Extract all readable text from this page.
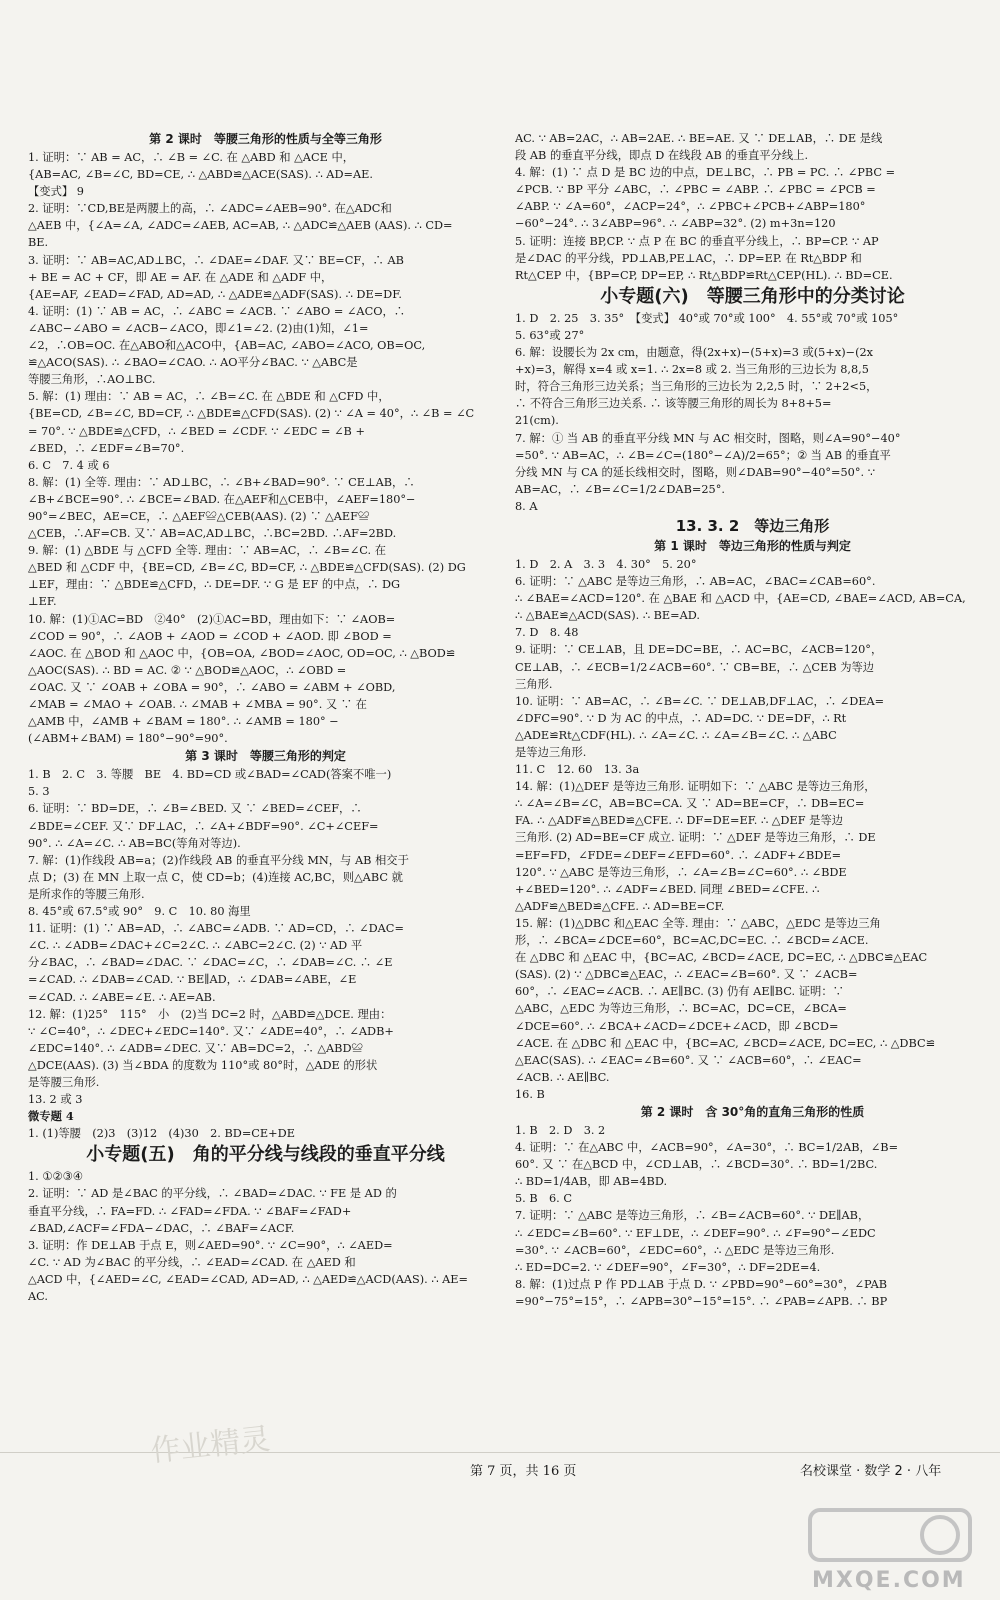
第 2 课时　等腰三角形的性质与全等三角形
1. 证明：∵ AB = AC，∴ ∠B = ∠C. 在 △ABD 和 △ACE 中，
{AB=AC, ∠B=∠C, BD=CE, ∴ △ABD≌△ACE(SAS). ∴ AD=AE.
【变式】 9
2. 证明：∵CD,BE是两腰上的高，∴ ∠ADC=∠AEB=90°. 在△ADC和
△AEB 中，{∠A=∠A, ∠ADC=∠AEB, AC=AB, ∴ △ADC≌△AEB (AAS). ∴ CD=
BE.
3. 证明：∵ AB=AC,AD⊥BC，∴ ∠DAE=∠DAF. 又∵ BE=CF，∴ AB
+ BE = AC + CF，即 AE = AF. 在 △ADE 和 △ADF 中，
{AE=AF, ∠EAD=∠FAD, AD=AD, ∴ △ADE≌△ADF(SAS). ∴ DE=DF.
4. 证明：(1) ∵ AB = AC，∴ ∠ABC = ∠ACB. ∵ ∠ABO = ∠ACO，∴
∠ABC−∠ABO = ∠ACB−∠ACO，即∠1=∠2. (2)由(1)知，∠1=
∠2，∴OB=OC. 在△ABO和△ACO中，{AB=AC, ∠ABO=∠ACO, OB=OC,
≌△ACO(SAS). ∴ ∠BAO=∠CAO. ∴ AO平分∠BAC. ∵ △ABC是
等腰三角形，∴AO⊥BC.
5. 解：(1) 理由：∵ AB = AC，∴ ∠B=∠C. 在 △BDE 和 △CFD 中，
{BE=CD, ∠B=∠C, BD=CF, ∴ △BDE≌△CFD(SAS). (2) ∵ ∠A = 40°，∴ ∠B = ∠C
= 70°. ∵ △BDE≌△CFD，∴ ∠BED = ∠CDF. ∵ ∠EDC = ∠B +
∠BED，∴ ∠EDF=∠B=70°.
6. C　7. 4 或 6
8. 解：(1) 全等. 理由：∵ AD⊥BC，∴ ∠B+∠BAD=90°. ∵ CE⊥AB，∴
∠B+∠BCE=90°. ∴ ∠BCE=∠BAD. 在△AEF和△CEB中，∠AEF=180°−
90°=∠BEC，AE=CE，∴ △AEF≌△CEB(AAS). (2) ∵ △AEF≌
△CEB，∴AF=CB. 又∵ AB=AC,AD⊥BC，∴BC=2BD. ∴AF=2BD.
9. 解：(1) △BDE 与 △CFD 全等. 理由：∵ AB=AC，∴ ∠B=∠C. 在
△BED 和 △CDF 中，{BE=CD, ∠B=∠C, BD=CF, ∴ △BDE≌△CFD(SAS). (2) DG
⊥EF，理由：∵ △BDE≌△CFD，∴ DE=DF. ∵ G 是 EF 的中点，∴ DG
⊥EF.
10. 解：(1)①AC=BD　②40°　(2)①AC=BD，理由如下：∵ ∠AOB=
∠COD = 90°，∴ ∠AOB + ∠AOD = ∠COD + ∠AOD. 即 ∠BOD =
∠AOC. 在 △BOD 和 △AOC 中，{OB=OA, ∠BOD=∠AOC, OD=OC, ∴ △BOD≌
△AOC(SAS). ∴ BD = AC. ② ∵ △BOD≌△AOC，∴ ∠OBD =
∠OAC. 又 ∵ ∠OAB + ∠OBA = 90°，∴ ∠ABO = ∠ABM + ∠OBD,
∠MAB = ∠MAO + ∠OAB. ∴ ∠MAB + ∠MBA = 90°. 又 ∵ 在
△AMB 中，∠AMB + ∠BAM = 180°. ∴ ∠AMB = 180° −
(∠ABM+∠BAM) = 180°−90°=90°.
第 3 课时　等腰三角形的判定
1. B　2. C　3. 等腰　BE　4. BD=CD 或∠BAD=∠CAD(答案不唯一)
5. 3
6. 证明：∵ BD=DE，∴ ∠B=∠BED. 又 ∵ ∠BED=∠CEF，∴
∠BDE=∠CEF. 又∵ DF⊥AC，∴ ∠A+∠BDF=90°. ∠C+∠CEF=
90°. ∴ ∠A=∠C. ∴ AB=BC(等角对等边).
7. 解：(1)作线段 AB=a；(2)作线段 AB 的垂直平分线 MN，与 AB 相交于
点 D；(3) 在 MN 上取一点 C，使 CD=b；(4)连接 AC,BC，则△ABC 就
是所求作的等腰三角形.
8. 45°或 67.5°或 90°　9. C　10. 80 海里
11. 证明：(1) ∵ AB=AD，∴ ∠ABC=∠ADB. ∵ AD=CD，∴ ∠DAC=
∠C. ∴ ∠ADB=∠DAC+∠C=2∠C. ∴ ∠ABC=2∠C. (2) ∵ AD 平
分∠BAC，∴ ∠BAD=∠DAC. ∵ ∠DAC=∠C，∴ ∠DAB=∠C. ∴ ∠E
=∠CAD. ∴ ∠DAB=∠CAD. ∵ BE∥AD，∴ ∠DAB=∠ABE，∠E
=∠CAD. ∴ ∠ABE=∠E. ∴ AE=AB.
12. 解：(1)25°　115°　小　(2)当 DC=2 时，△ABD≌△DCE. 理由：
∵ ∠C=40°，∴ ∠DEC+∠EDC=140°. 又∵ ∠ADE=40°，∴ ∠ADB+
∠EDC=140°. ∴ ∠ADB=∠DEC. 又∵ AB=DC=2，∴ △ABD≌
△DCE(AAS). (3) 当∠BDA 的度数为 110°或 80°时，△ADE 的形状
是等腰三角形.
13. 2 或 3
微专题 4
1. (1)等腰　(2)3　(3)12　(4)30　2. BD=CE+DE
小专题(五)　角的平分线与线段的垂直平分线
1. ①②③④
2. 证明：∵ AD 是∠BAC 的平分线，∴ ∠BAD=∠DAC. ∵ FE 是 AD 的
垂直平分线，∴ FA=FD. ∴ ∠FAD=∠FDA. ∵ ∠BAF=∠FAD+
∠BAD,∠ACF=∠FDA−∠DAC，∴ ∠BAF=∠ACF.
3. 证明：作 DE⊥AB 于点 E，则∠AED=90°. ∵ ∠C=90°，∴ ∠AED=
∠C. ∵ AD 为∠BAC 的平分线，∴ ∠EAD=∠CAD. 在 △AED 和
△ACD 中，{∠AED=∠C, ∠EAD=∠CAD, AD=AD, ∴ △AED≌△ACD(AAS). ∴ AE=
AC.
AC. ∵ AB=2AC，∴ AB=2AE. ∴ BE=AE. 又 ∵ DE⊥AB，∴ DE 是线
段 AB 的垂直平分线，即点 D 在线段 AB 的垂直平分线上.
4. 解：(1) ∵ 点 D 是 BC 边的中点，DE⊥BC，∴ PB = PC. ∴ ∠PBC =
∠PCB. ∵ BP 平分 ∠ABC，∴ ∠PBC = ∠ABP. ∴ ∠PBC = ∠PCB =
∠ABP. ∵ ∠A=60°，∠ACP=24°，∴ ∠PBC+∠PCB+∠ABP=180°
−60°−24°. ∴ 3∠ABP=96°. ∴ ∠ABP=32°. (2) m+3n=120
5. 证明：连接 BP,CP. ∵ 点 P 在 BC 的垂直平分线上，∴ BP=CP. ∵ AP
是∠DAC 的平分线，PD⊥AB,PE⊥AC，∴ DP=EP. 在 Rt△BDP 和
Rt△CEP 中，{BP=CP, DP=EP, ∴ Rt△BDP≌Rt△CEP(HL). ∴ BD=CE.
小专题(六)　等腰三角形中的分类讨论
1. D　2. 25　3. 35°　【变式】 40°或 70°或 100°　4. 55°或 70°或 105°
5. 63°或 27°
6. 解：设腰长为 2x cm，由题意，得(2x+x)−(5+x)=3 或(5+x)−(2x
+x)=3，解得 x=4 或 x=1. ∴ 2x=8 或 2. 当三角形的三边长为 8,8,5
时，符合三角形三边关系；当三角形的三边长为 2,2,5 时，∵ 2+2<5，
∴ 不符合三角形三边关系. ∴ 该等腰三角形的周长为 8+8+5=
21(cm).
7. 解：① 当 AB 的垂直平分线 MN 与 AC 相交时，图略，则∠A=90°−40°
=50°. ∵ AB=AC，∴ ∠B=∠C=(180°−∠A)/2=65°；② 当 AB 的垂直平
分线 MN 与 CA 的延长线相交时，图略，则∠DAB=90°−40°=50°. ∵
AB=AC，∴ ∠B=∠C=1/2∠DAB=25°.
8. A
13. 3. 2　等边三角形
第 1 课时　等边三角形的性质与判定
1. D　2. A　3. 3　4. 30°　5. 20°
6. 证明：∵ △ABC 是等边三角形，∴ AB=AC，∠BAC=∠CAB=60°.
∴ ∠BAE=∠ACD=120°. 在 △BAE 和 △ACD 中，{AE=CD, ∠BAE=∠ACD, AB=CA,
∴ △BAE≌△ACD(SAS). ∴ BE=AD.
7. D　8. 48
9. 证明：∵ CE⊥AB，且 DE=DC=BE，∴ AC=BC，∠ACB=120°，
CE⊥AB，∴ ∠ECB=1/2∠ACB=60°. ∵ CB=BE，∴ △CEB 为等边
三角形.
10. 证明：∵ AB=AC，∴ ∠B=∠C. ∵ DE⊥AB,DF⊥AC，∴ ∠DEA=
∠DFC=90°. ∵ D 为 AC 的中点，∴ AD=DC. ∵ DE=DF，∴ Rt
△ADE≌Rt△CDF(HL). ∴ ∠A=∠C. ∴ ∠A=∠B=∠C. ∴ △ABC
是等边三角形.
11. C　12. 60　13. 3a
14. 解：(1)△DEF 是等边三角形. 证明如下：∵ △ABC 是等边三角形，
∴ ∠A=∠B=∠C，AB=BC=CA. 又 ∵ AD=BE=CF，∴ DB=EC=
FA. ∴ △ADF≌△BED≌△CFE. ∴ DF=DE=EF. ∴ △DEF 是等边
三角形. (2) AD=BE=CF 成立. 证明：∵ △DEF 是等边三角形，∴ DE
=EF=FD，∠FDE=∠DEF=∠EFD=60°. ∴ ∠ADF+∠BDE=
120°. ∵ △ABC 是等边三角形，∴ ∠A=∠B=∠C=60°. ∴ ∠BDE
+∠BED=120°. ∴ ∠ADF=∠BED. 同理 ∠BED=∠CFE. ∴
△ADF≌△BED≌△CFE. ∴ AD=BE=CF.
15. 解：(1)△DBC 和△EAC 全等. 理由：∵ △ABC，△EDC 是等边三角
形，∴ ∠BCA=∠DCE=60°，BC=AC,DC=EC. ∴ ∠BCD=∠ACE.
在 △DBC 和 △EAC 中，{BC=AC, ∠BCD=∠ACE, DC=EC, ∴ △DBC≌△EAC
(SAS). (2) ∵ △DBC≌△EAC，∴ ∠EAC=∠B=60°. 又 ∵ ∠ACB=
60°，∴ ∠EAC=∠ACB. ∴ AE∥BC. (3) 仍有 AE∥BC. 证明：∵
△ABC，△EDC 为等边三角形，∴ BC=AC，DC=CE，∠BCA=
∠DCE=60°. ∴ ∠BCA+∠ACD=∠DCE+∠ACD，即 ∠BCD=
∠ACE. 在 △DBC 和 △EAC 中，{BC=AC, ∠BCD=∠ACE, DC=EC, ∴ △DBC≌
△EAC(SAS). ∴ ∠EAC=∠B=60°. 又 ∵ ∠ACB=60°，∴ ∠EAC=
∠ACB. ∴ AE∥BC.
16. B
第 2 课时　含 30°角的直角三角形的性质
1. B　2. D　3. 2
4. 证明：∵ 在△ABC 中，∠ACB=90°，∠A=30°，∴ BC=1/2AB，∠B=
60°. 又 ∵ 在△BCD 中，∠CD⊥AB，∴ ∠BCD=30°. ∴ BD=1/2BC.
∴ BD=1/4AB，即 AB=4BD.
5. B　6. C
7. 证明：∵ △ABC 是等边三角形，∴ ∠B=∠ACB=60°. ∵ DE∥AB，
∴ ∠EDC=∠B=60°. ∵ EF⊥DE，∴ ∠DEF=90°. ∴ ∠F=90°−∠EDC
=30°. ∵ ∠ACB=60°，∠EDC=60°，∴ △EDC 是等边三角形.
∴ ED=DC=2. ∵ ∠DEF=90°，∠F=30°，∴ DF=2DE=4.
8. 解：(1)过点 P 作 PD⊥AB 于点 D. ∵ ∠PBD=90°−60°=30°，∠PAB
=90°−75°=15°，∴ ∠APB=30°−15°=15°. ∴ ∠PAB=∠APB. ∴ BP
作业精灵
第 7 页，共 16 页	名校课堂 · 数学 2 · 八年
MXQE.COM
